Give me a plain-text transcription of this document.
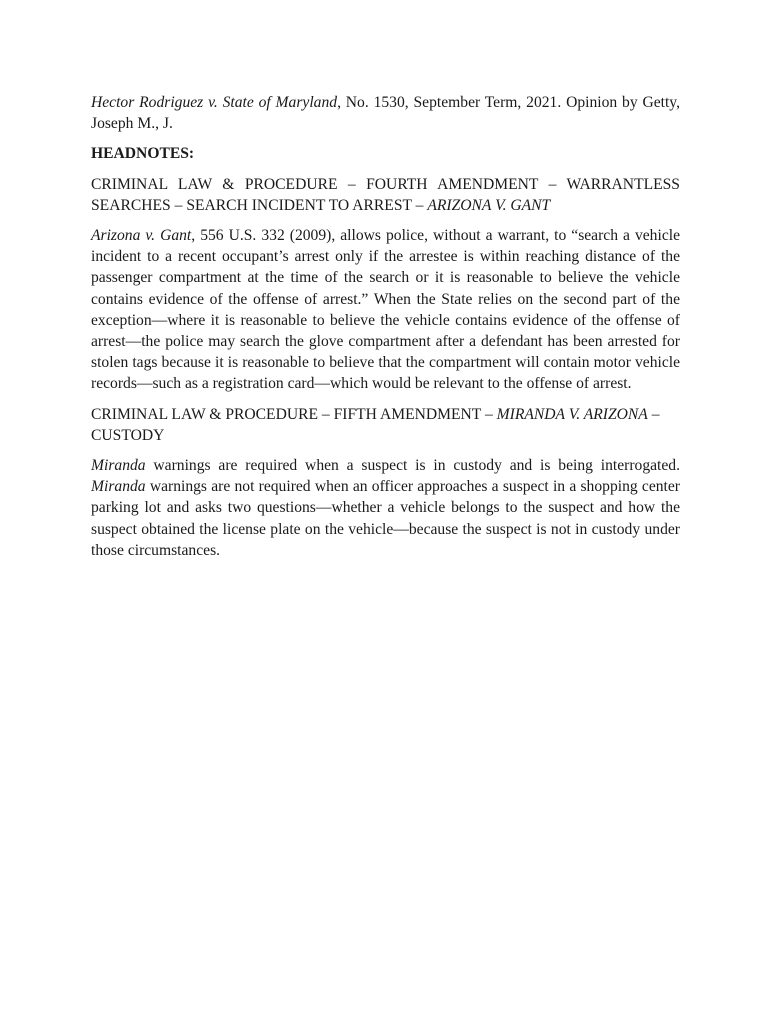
Hector Rodriguez v. State of Maryland, No. 1530, September Term, 2021. Opinion by Getty, Joseph M., J.

HEADNOTES:

CRIMINAL LAW & PROCEDURE – FOURTH AMENDMENT – WARRANTLESS SEARCHES – SEARCH INCIDENT TO ARREST – ARIZONA V. GANT

Arizona v. Gant, 556 U.S. 332 (2009), allows police, without a warrant, to “search a vehicle incident to a recent occupant’s arrest only if the arrestee is within reaching distance of the passenger compartment at the time of the search or it is reasonable to believe the vehicle contains evidence of the offense of arrest.” When the State relies on the second part of the exception—where it is reasonable to believe the vehicle contains evidence of the offense of arrest—the police may search the glove compartment after a defendant has been arrested for stolen tags because it is reasonable to believe that the compartment will contain motor vehicle records—such as a registration card—which would be relevant to the offense of arrest.

CRIMINAL LAW & PROCEDURE – FIFTH AMENDMENT – MIRANDA V. ARIZONA – CUSTODY

Miranda warnings are required when a suspect is in custody and is being interrogated. Miranda warnings are not required when an officer approaches a suspect in a shopping center parking lot and asks two questions—whether a vehicle belongs to the suspect and how the suspect obtained the license plate on the vehicle—because the suspect is not in custody under those circumstances.
